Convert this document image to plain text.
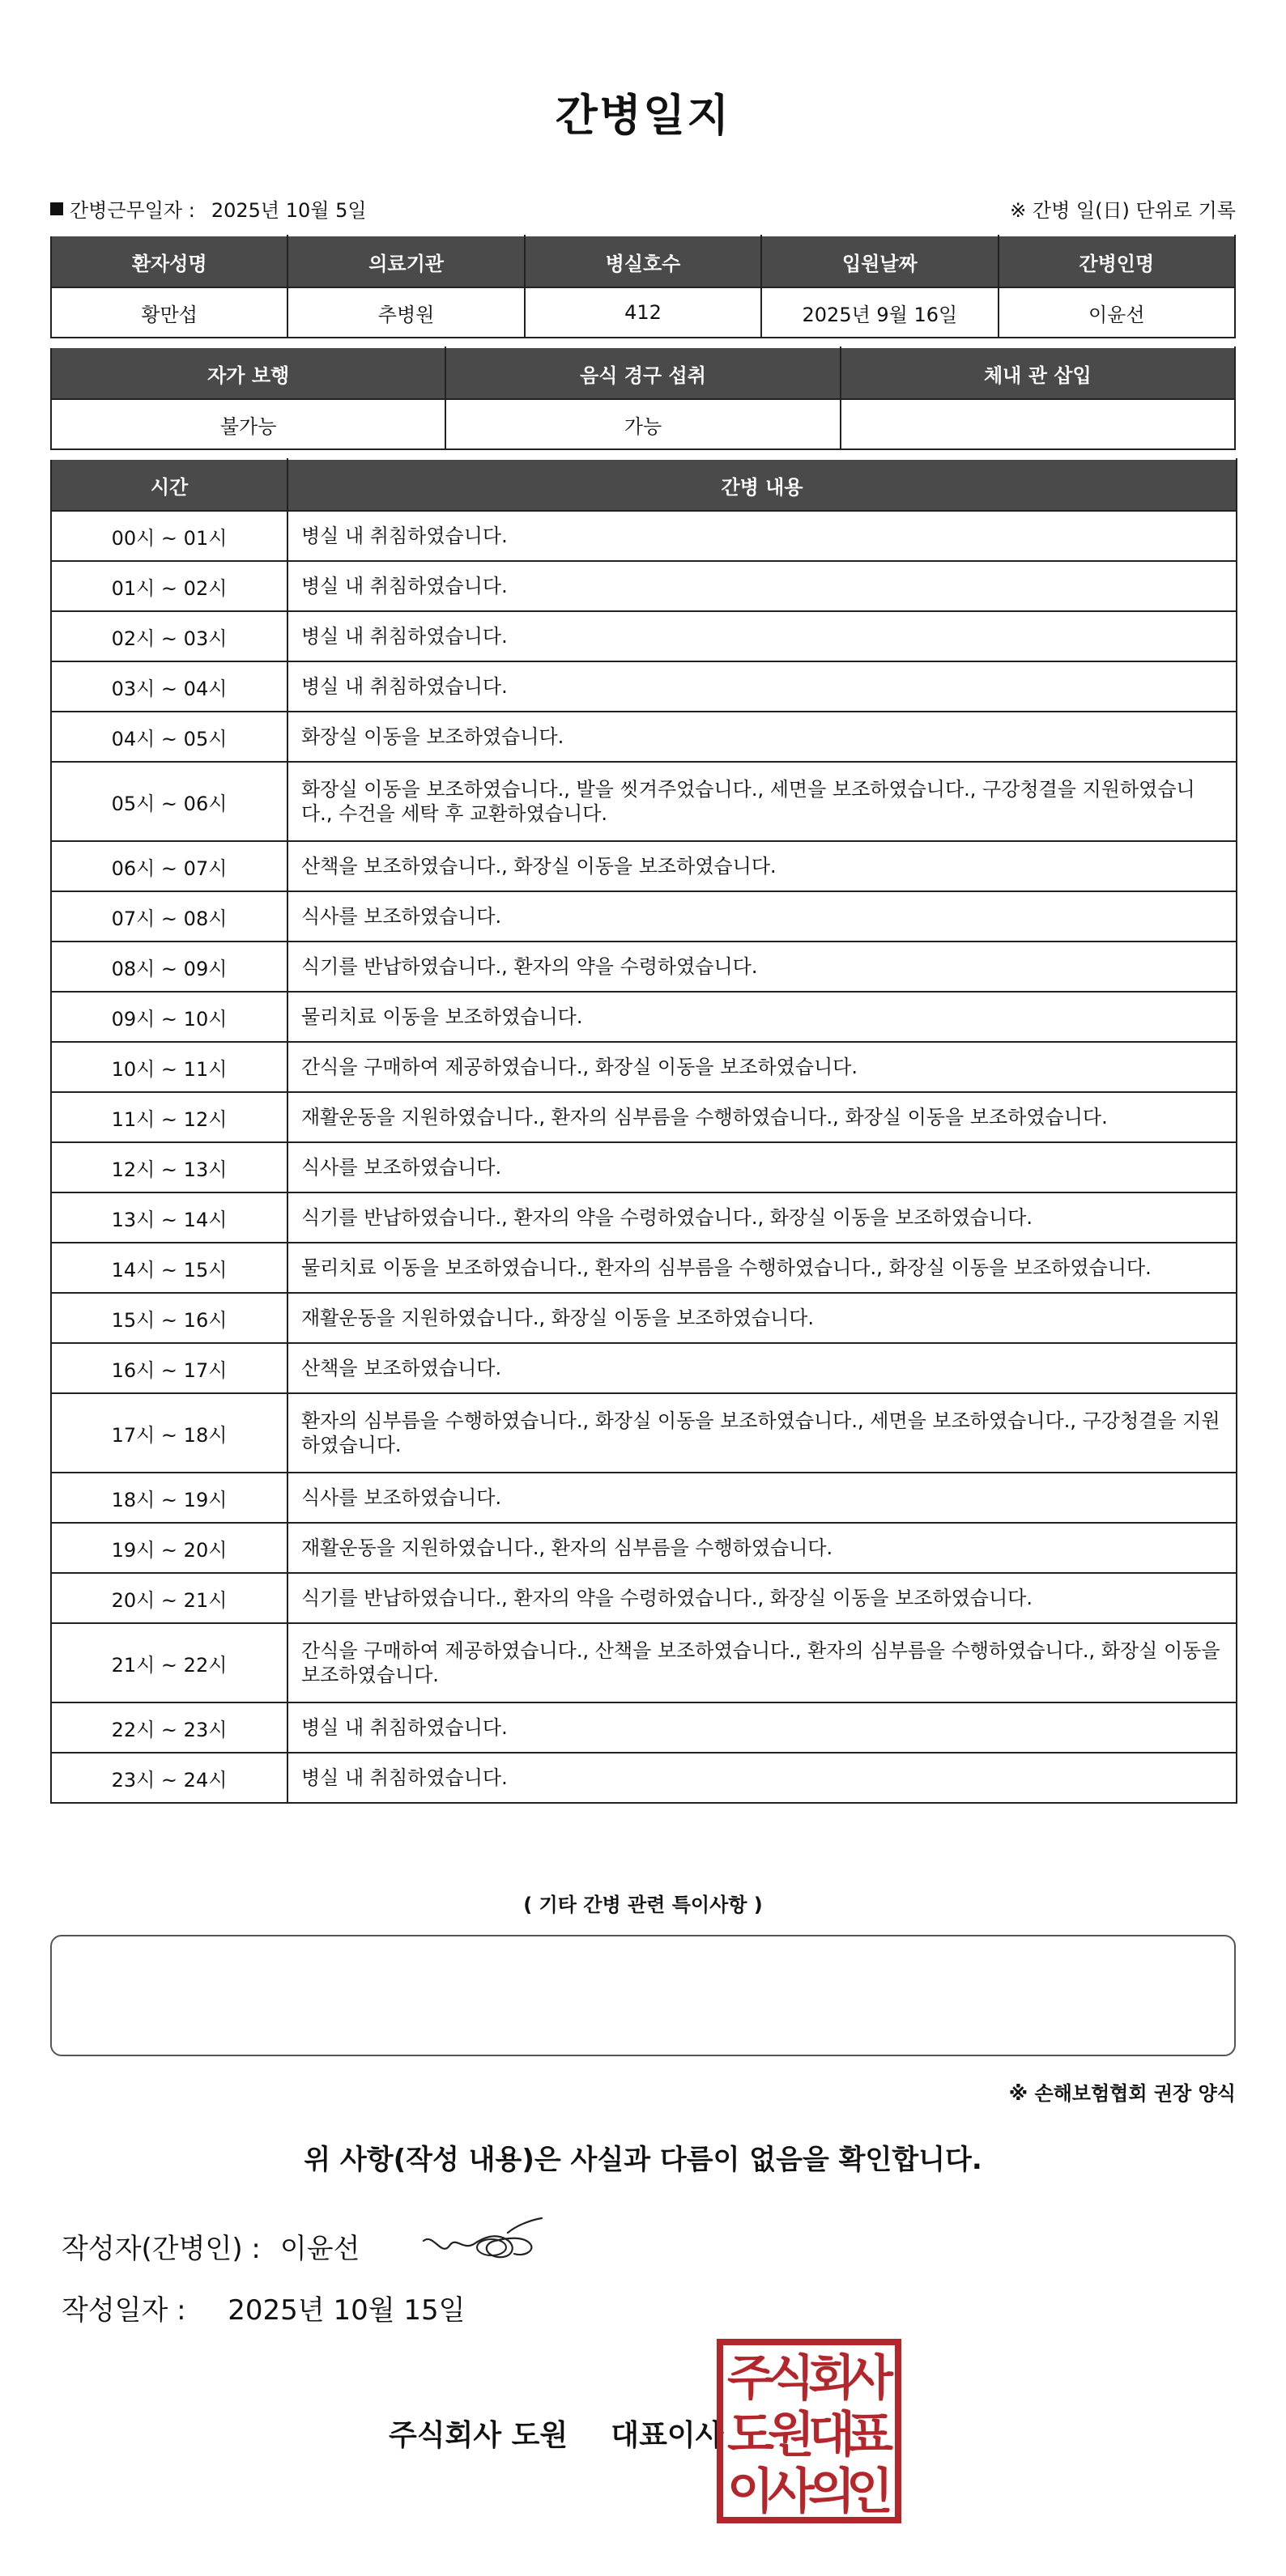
간병일지
간병근무일자 : 2025년 10월 5일	※ 간병 일(日) 단위로 기록
환자성명	의료기관	병실호수	입원날짜	간병인명
황만섭	추병원	412	2025년 9월 16일	이윤선
자가 보행	음식 경구 섭취	체내 관 삽입
불가능	가능	
시간	간병 내용
00시 ~ 01시	병실 내 취침하였습니다.
01시 ~ 02시	병실 내 취침하였습니다.
02시 ~ 03시	병실 내 취침하였습니다.
03시 ~ 04시	병실 내 취침하였습니다.
04시 ~ 05시	화장실 이동을 보조하였습니다.
05시 ~ 06시	화장실 이동을 보조하였습니다., 발을 씻겨주었습니다., 세면을 보조하였습니다., 구강청결을 지원하였습니다., 수건을 세탁 후 교환하였습니다.
06시 ~ 07시	산책을 보조하였습니다., 화장실 이동을 보조하였습니다.
07시 ~ 08시	식사를 보조하였습니다.
08시 ~ 09시	식기를 반납하였습니다., 환자의 약을 수령하였습니다.
09시 ~ 10시	물리치료 이동을 보조하였습니다.
10시 ~ 11시	간식을 구매하여 제공하였습니다., 화장실 이동을 보조하였습니다.
11시 ~ 12시	재활운동을 지원하였습니다., 환자의 심부름을 수행하였습니다., 화장실 이동을 보조하였습니다.
12시 ~ 13시	식사를 보조하였습니다.
13시 ~ 14시	식기를 반납하였습니다., 환자의 약을 수령하였습니다., 화장실 이동을 보조하였습니다.
14시 ~ 15시	물리치료 이동을 보조하였습니다., 환자의 심부름을 수행하였습니다., 화장실 이동을 보조하였습니다.
15시 ~ 16시	재활운동을 지원하였습니다., 화장실 이동을 보조하였습니다.
16시 ~ 17시	산책을 보조하였습니다.
17시 ~ 18시	환자의 심부름을 수행하였습니다., 화장실 이동을 보조하였습니다., 세면을 보조하였습니다., 구강청결을 지원하였습니다.
18시 ~ 19시	식사를 보조하였습니다.
19시 ~ 20시	재활운동을 지원하였습니다., 환자의 심부름을 수행하였습니다.
20시 ~ 21시	식기를 반납하였습니다., 환자의 약을 수령하였습니다., 화장실 이동을 보조하였습니다.
21시 ~ 22시	간식을 구매하여 제공하였습니다., 산책을 보조하였습니다., 환자의 심부름을 수행하였습니다., 화장실 이동을 보조하였습니다.
22시 ~ 23시	병실 내 취침하였습니다.
23시 ~ 24시	병실 내 취침하였습니다.
( 기타 간병 관련 특이사항 )
※ 손해보험협회 권장 양식
위 사항(작성 내용)은 사실과 다름이 없음을 확인합니다.
작성자(간병인) : 이윤선
작성일자 : 2025년 10월 15일
주식회사 도원 대표이사
주
식
회
사
도
원
대
표
이
사
의
인
